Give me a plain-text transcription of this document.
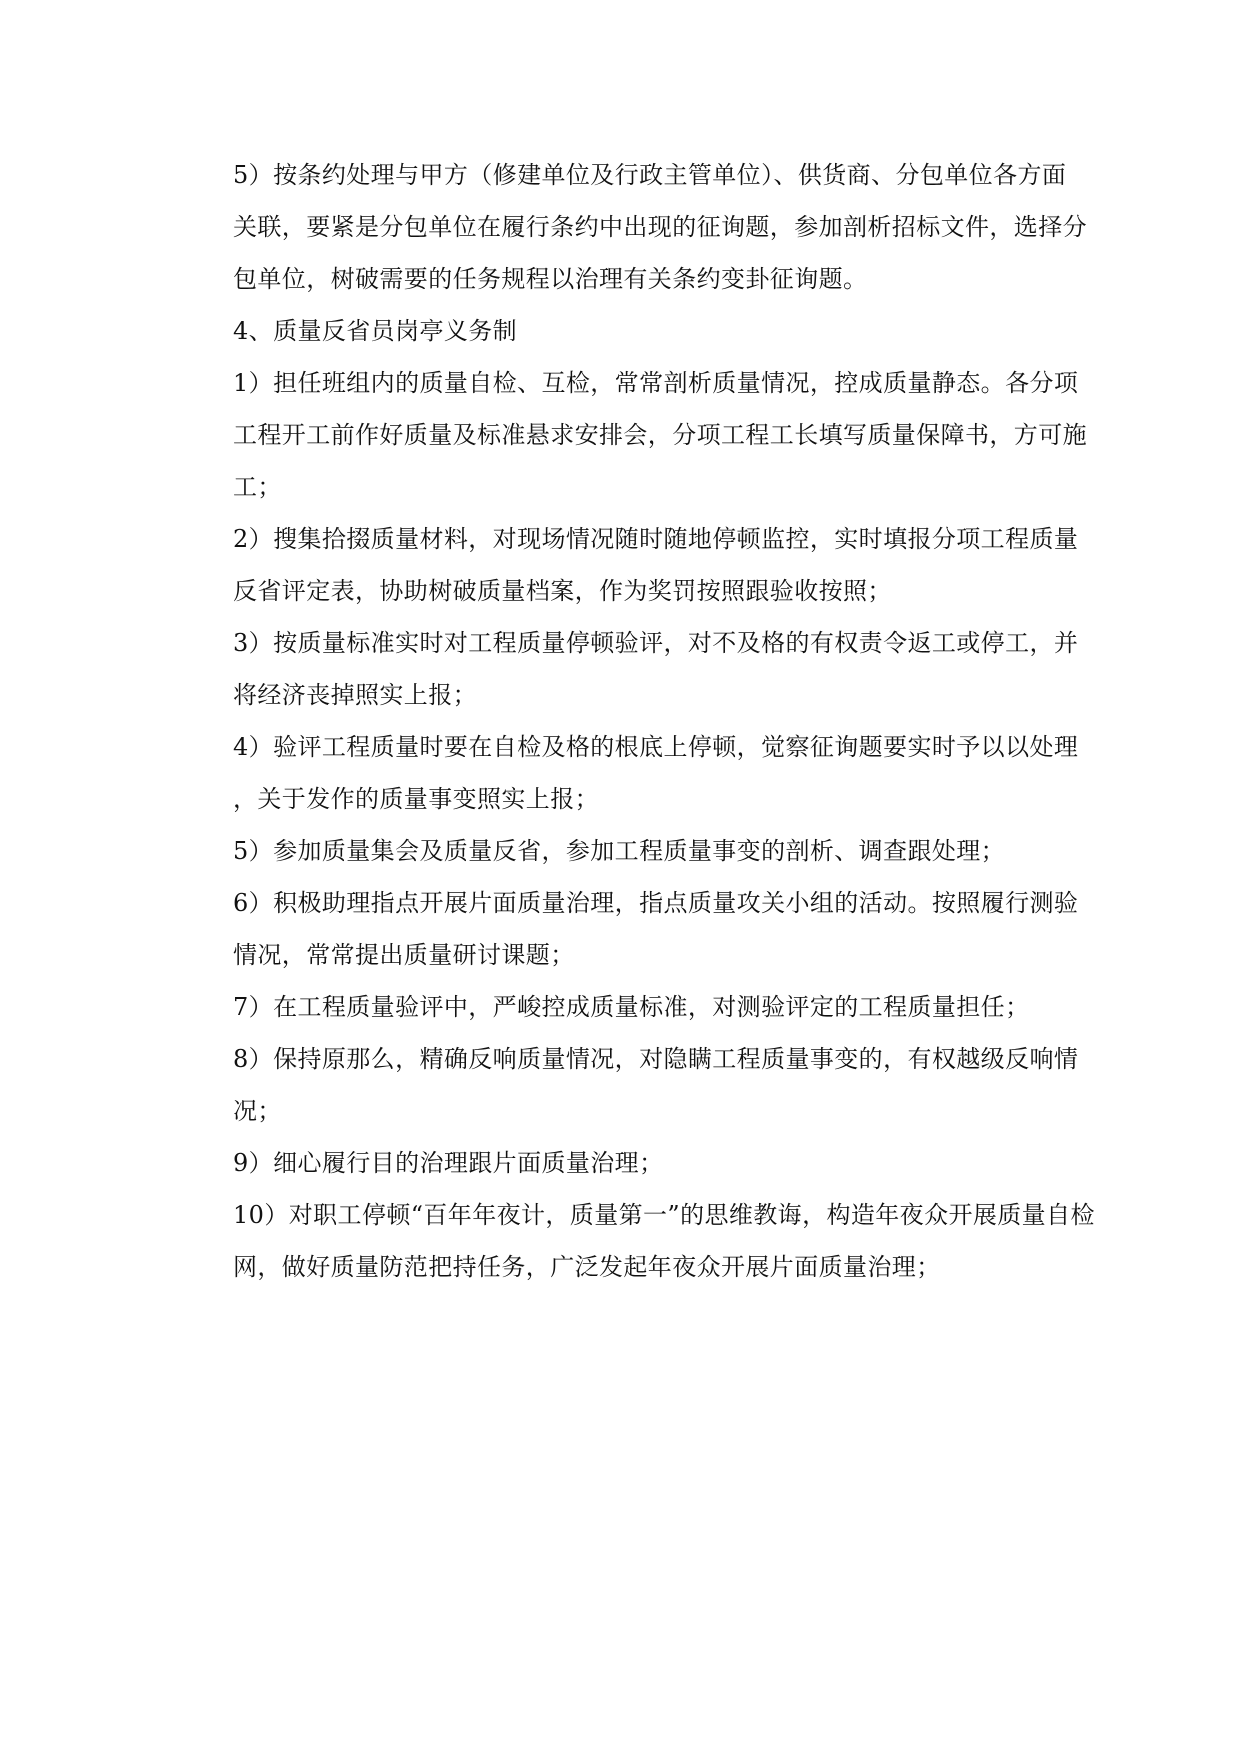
5）按条约处理与甲方（修建单位及行政主管单位）、供货商、分包单位各方面
关联，要紧是分包单位在履行条约中出现的征询题，参加剖析招标文件，选择分
包单位，树破需要的任务规程以治理有关条约变卦征询题。
4、质量反省员岗亭义务制
1）担任班组内的质量自检、互检，常常剖析质量情况，控成质量静态。各分项
工程开工前作好质量及标准悬求安排会，分项工程工长填写质量保障书，方可施
工；
2）搜集拾掇质量材料，对现场情况随时随地停顿监控，实时填报分项工程质量
反省评定表，协助树破质量档案，作为奖罚按照跟验收按照；
3）按质量标准实时对工程质量停顿验评，对不及格的有权责令返工或停工，并
将经济丧掉照实上报；
4）验评工程质量时要在自检及格的根底上停顿，觉察征询题要实时予以以处理
，关于发作的质量事变照实上报；
5）参加质量集会及质量反省，参加工程质量事变的剖析、调查跟处理；
6）积极助理指点开展片面质量治理，指点质量攻关小组的活动。按照履行测验
情况，常常提出质量研讨课题；
7）在工程质量验评中，严峻控成质量标准，对测验评定的工程质量担任；
8）保持原那么，精确反响质量情况，对隐瞒工程质量事变的，有权越级反响情
况；
9）细心履行目的治理跟片面质量治理；
10）对职工停顿“百年年夜计，质量第一”的思维教诲，构造年夜众开展质量自检
网，做好质量防范把持任务，广泛发起年夜众开展片面质量治理；
